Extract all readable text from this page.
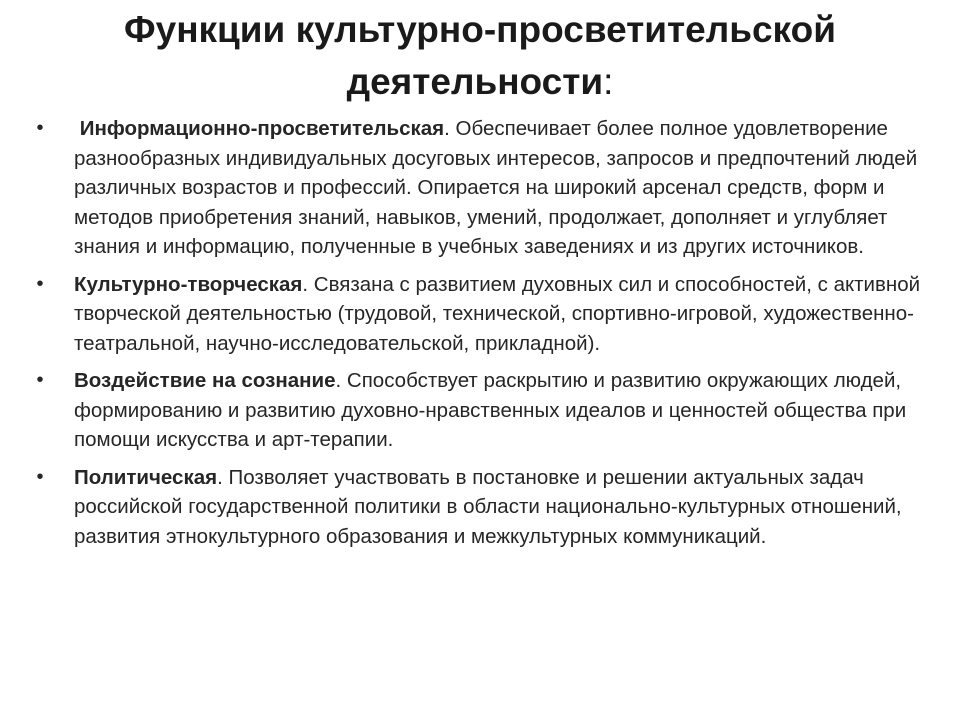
Функции культурно-просветительской деятельности:
• Информационно-просветительская. Обеспечивает более полное удовлетворение разнообразных индивидуальных досуговых интересов, запросов и предпочтений людей различных возрастов и профессий. Опирается на широкий арсенал средств, форм и методов приобретения знаний, навыков, умений, продолжает, дополняет и углубляет знания и информацию, полученные в учебных заведениях и из других источников.
• Культурно-творческая. Связана с развитием духовных сил и способностей, с активной творческой деятельностью (трудовой, технической, спортивно-игровой, художественно-театральной, научно-исследовательской, прикладной).
• Воздействие на сознание. Способствует раскрытию и развитию окружающих людей, формированию и развитию духовно-нравственных идеалов и ценностей общества при помощи искусства и арт-терапии.
• Политическая. Позволяет участвовать в постановке и решении актуальных задач российской государственной политики в области национально-культурных отношений, развития этнокультурного образования и межкультурных коммуникаций.
